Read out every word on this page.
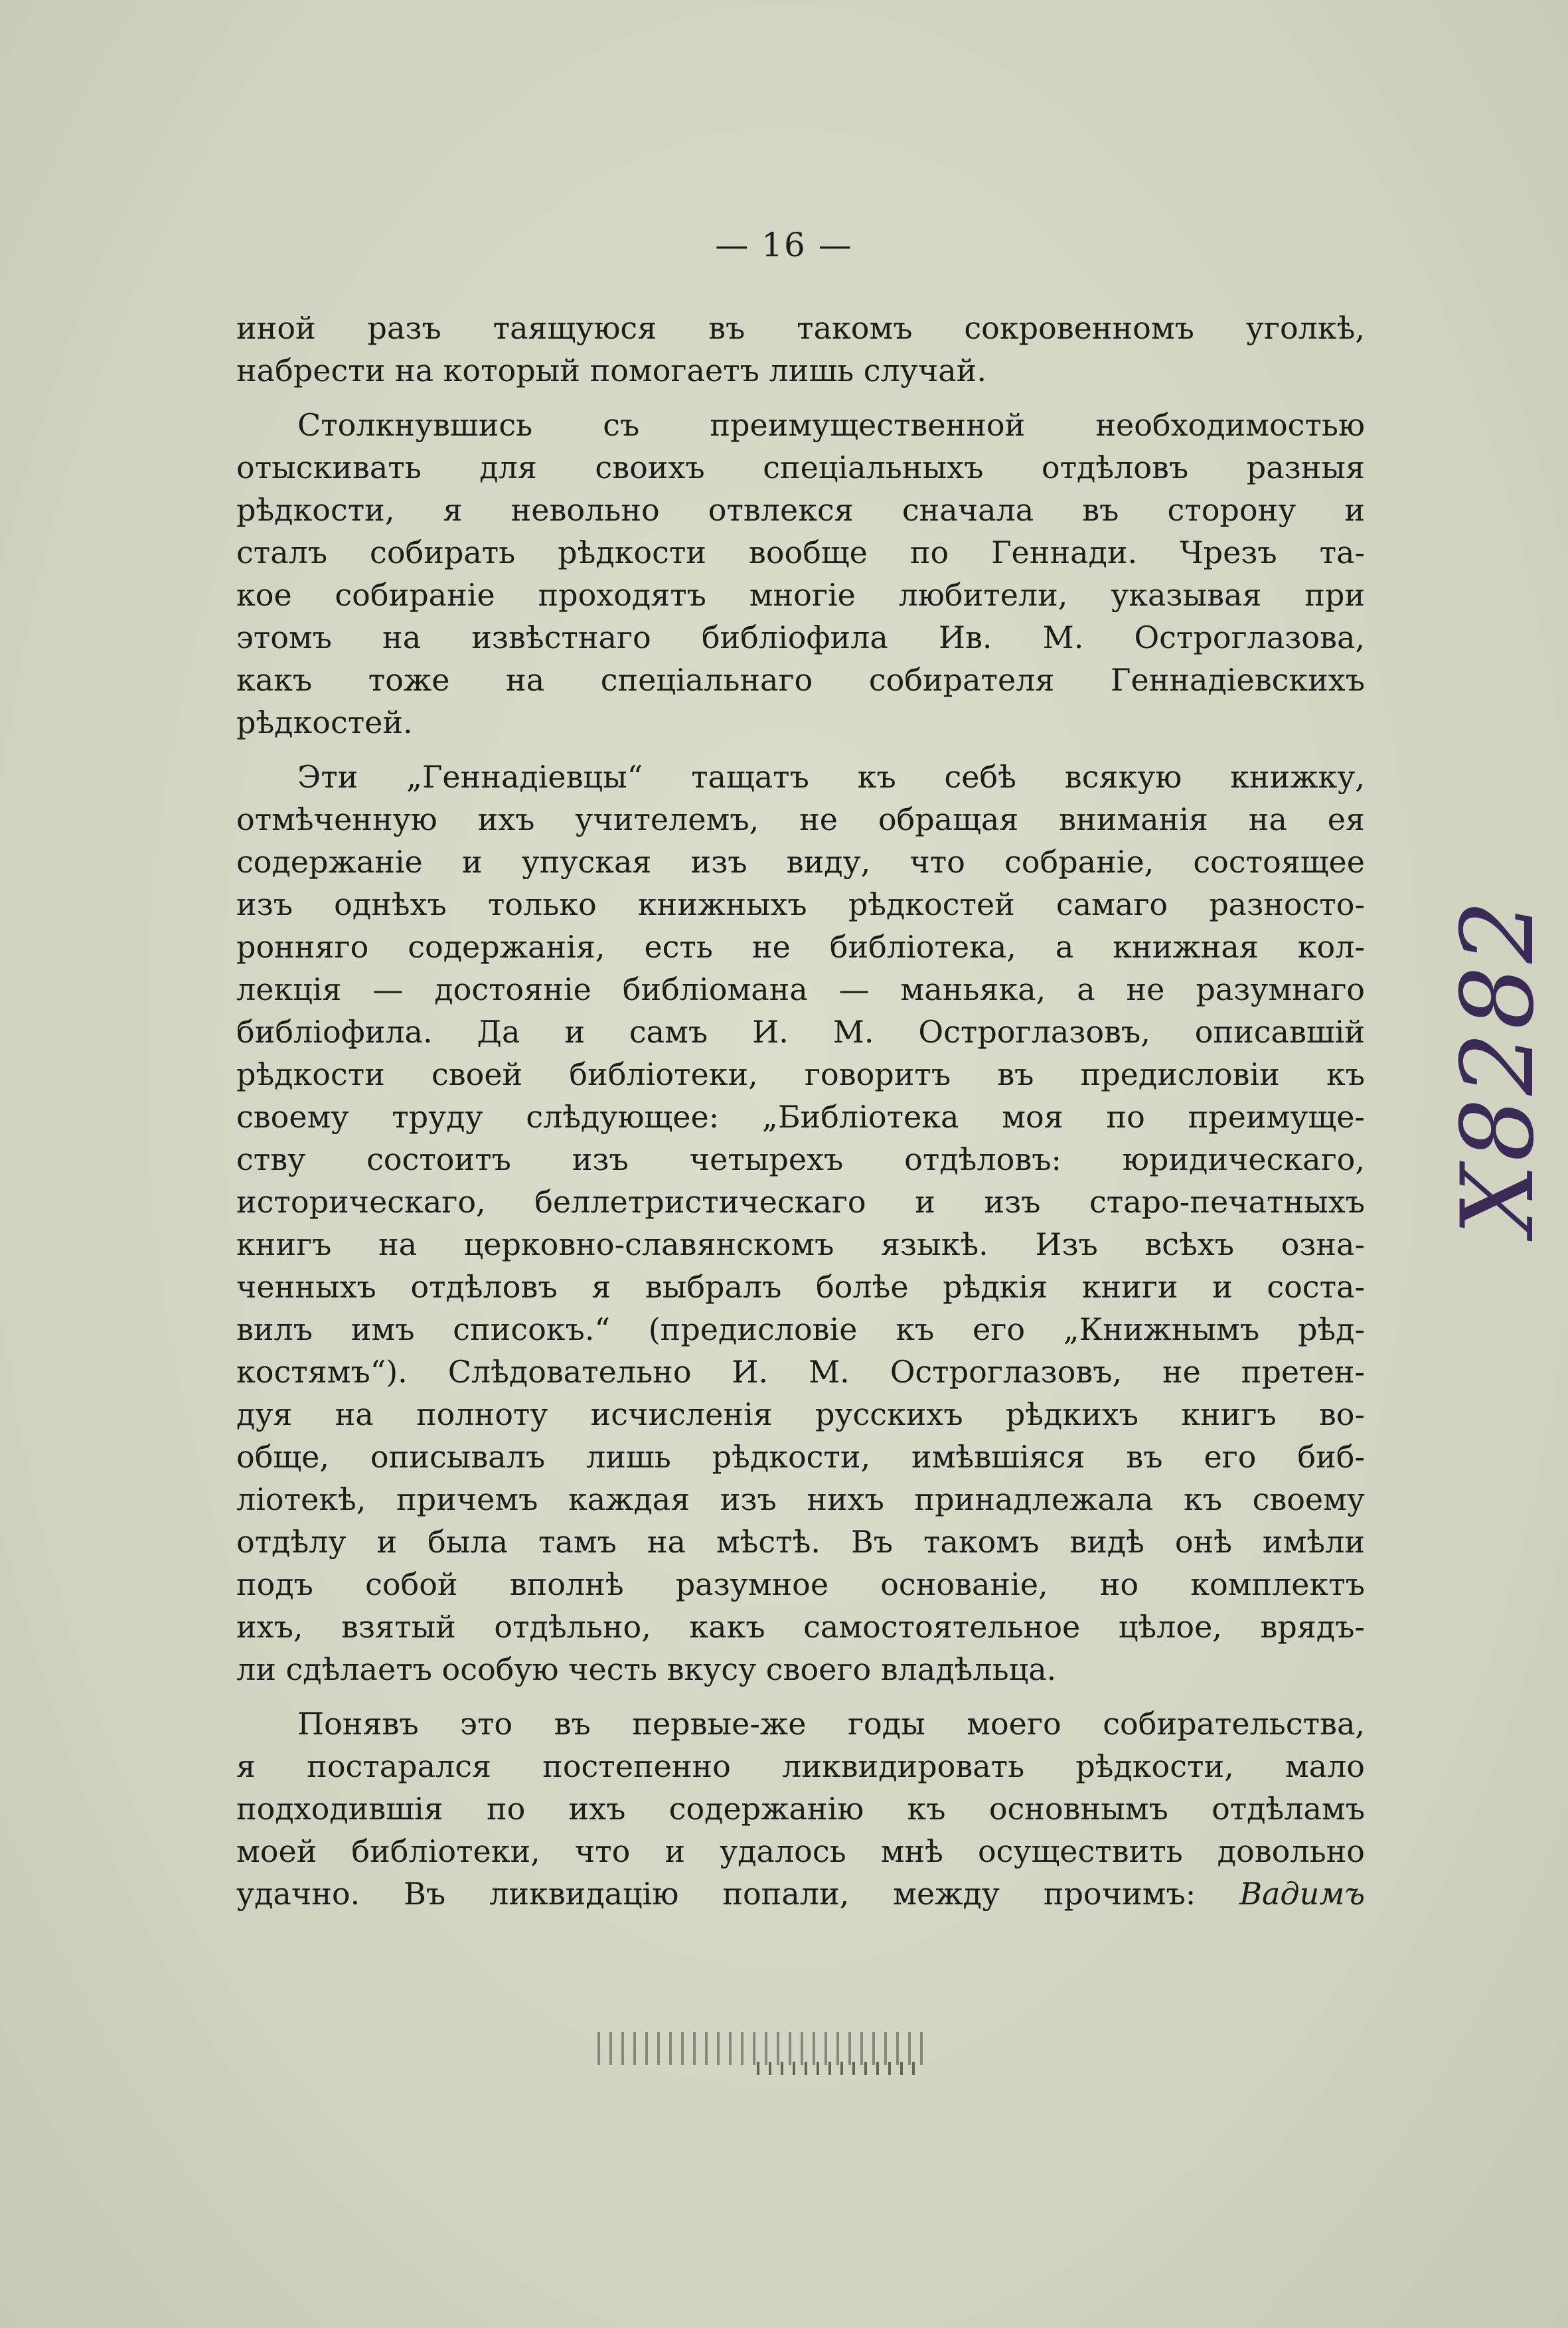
— 16 —
иной разъ таящуюся въ такомъ сокровенномъ уголкѣ,
набрести на который помогаетъ лишь случай.
Столкнувшись съ преимущественной необходимостью
отыскивать для своихъ спеціальныхъ отдѣловъ разныя
рѣдкости, я невольно отвлекся сначала въ сторону и
сталъ собирать рѣдкости вообще по Геннади. Чрезъ та-
кое собираніе проходятъ многіе любители, указывая при
этомъ на извѣстнаго библіофила Ив. М. Остроглазова,
какъ тоже на спеціальнаго собирателя Геннадіевскихъ
рѣдкостей.
Эти „Геннадіевцы“ тащатъ къ себѣ всякую книжку,
отмѣченную ихъ учителемъ, не обращая вниманія на ея
содержаніе и упуская изъ виду, что собраніе, состоящее
изъ однѣхъ только книжныхъ рѣдкостей самаго разносто-
ронняго содержанія, есть не библіотека, а книжная кол-
лекція — достояніе библіомана — маньяка, а не разумнаго
библіофила. Да и самъ И. М. Остроглазовъ, описавшій
рѣдкости своей библіотеки, говоритъ въ предисловіи къ
своему труду слѣдующее: „Библіотека моя по преимуще-
ству состоитъ изъ четырехъ отдѣловъ: юридическаго,
историческаго, беллетристическаго и изъ старо-печатныхъ
книгъ на церковно-славянскомъ языкѣ. Изъ всѣхъ озна-
ченныхъ отдѣловъ я выбралъ болѣе рѣдкія книги и соста-
вилъ имъ списокъ.“ (предисловіе къ его „Книжнымъ рѣд-
костямъ“). Слѣдовательно И. М. Остроглазовъ, не претен-
дуя на полноту исчисленія русскихъ рѣдкихъ книгъ во-
обще, описывалъ лишь рѣдкости, имѣвшіяся въ его биб-
ліотекѣ, причемъ каждая изъ нихъ принадлежала къ своему
отдѣлу и была тамъ на мѣстѣ. Въ такомъ видѣ онѣ имѣли
подъ собой вполнѣ разумное основаніе, но комплектъ
ихъ, взятый отдѣльно, какъ самостоятельное цѣлое, врядъ-
ли сдѣлаетъ особую честь вкусу своего владѣльца.
Понявъ это въ первые-же годы моего собирательства,
я постарался постепенно ликвидировать рѣдкости, мало
подходившія по ихъ содержанію къ основнымъ отдѣламъ
моей библіотеки, что и удалось мнѣ осуществить довольно
удачно. Въ ликвидацію попали, между прочимъ: Вадимъ
Х8282
